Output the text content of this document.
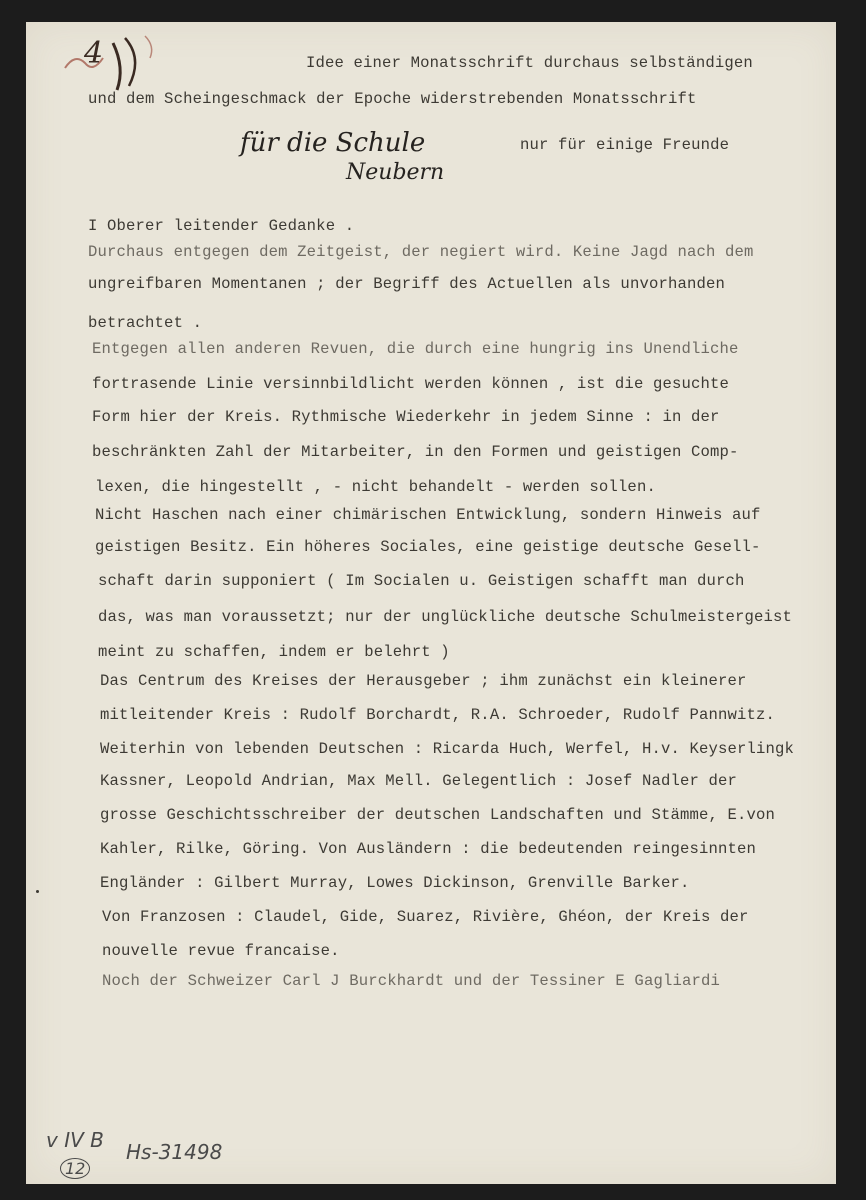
4	Idee einer Monatsschrift durchaus selbständigen
und dem Scheingeschmack der Epoche widerstrebenden Monatsschrift
für die Schule
Neubern
nur für einige Freunde
I Oberer leitender Gedanke .
Durchaus entgegen dem Zeitgeist, der negiert wird. Keine Jagd nach dem
ungreifbaren Momentanen ; der Begriff des Actuellen als unvorhanden
betrachtet .
Entgegen allen anderen Revuen, die durch eine hungrig ins Unendliche
fortrasende Linie versinnbildlicht werden können , ist die gesuchte
Form hier der Kreis. Rythmische Wiederkehr in jedem Sinne : in der
beschränkten Zahl der Mitarbeiter, in den Formen und geistigen Comp-
lexen, die hingestellt , - nicht behandelt - werden sollen.
Nicht Haschen nach einer chimärischen Entwicklung, sondern Hinweis auf
geistigen Besitz. Ein höheres Sociales, eine geistige deutsche Gesell-
schaft darin supponiert ( Im Socialen u. Geistigen schafft man durch
das, was man voraussetzt; nur der unglückliche deutsche Schulmeistergeist
meint zu schaffen, indem er belehrt )
Das Centrum des Kreises der Herausgeber ; ihm zunächst ein kleinerer
mitleitender Kreis : Rudolf Borchardt, R.A. Schroeder, Rudolf Pannwitz.
Weiterhin von lebenden Deutschen : Ricarda Huch, Werfel, H.v. Keyserlingk
Kassner, Leopold Andrian, Max Mell. Gelegentlich : Josef Nadler der
grosse Geschichtsschreiber der deutschen Landschaften und Stämme, E.von
Kahler, Rilke, Göring. Von Ausländern : die bedeutenden reingesinnten
Engländer : Gilbert Murray, Lowes Dickinson, Grenville Barker.
Von Franzosen : Claudel, Gide, Suarez, Rivière, Ghéon, der Kreis der
nouvelle revue francaise.
Noch der Schweizer Carl J Burckhardt und der Tessiner E Gagliardi
v IV B
12
Hs-31498
